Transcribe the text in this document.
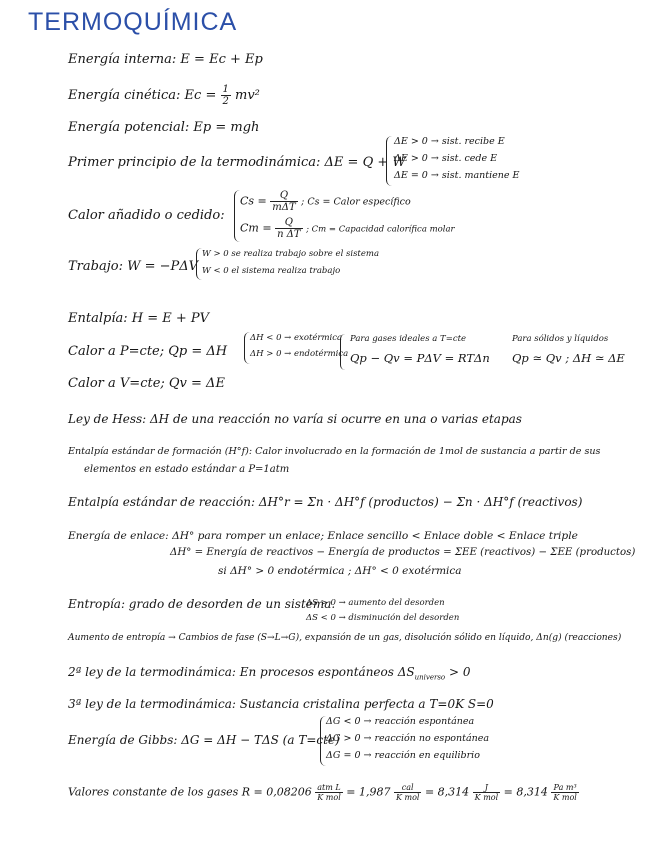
TERMOQUÍMICA
Energía interna: E = Ec + Ep
Energía cinética: $Ec = \frac{1}{2} mv^2$
Energía potencial: Ep = mgh
Primer principio de la termodinámica: ΔE = Q + W
ΔE > 0 → sist. recibe E
ΔE > 0 → sist. cede E
ΔE = 0 → sist. mantiene E
Calor añadido o cedido:
$Cs = \frac{Q}{\text{mΔT}}$ ; Cs = Calor específico
$Cm = \frac{Q}{\text{n ΔT}}$ ; Cm = Capacidad calorífica molar
Trabajo: W = −PΔV
W > 0 se realiza trabajo sobre el sistema
W < 0 el sistema realiza trabajo
Entalpía: H = E + PV
Calor a P=cte; Qp = ΔH
ΔH < 0 → exotérmica
ΔH > 0 → endotérmica
Para gases ideales a T=cte
Qp − Qv = PΔV = RTΔn
Para sólidos y líquidos
Qp ≃ Qv ; ΔH ≃ ΔE
Calor a V=cte; Qv = ΔE
Ley de Hess: ΔH de una reacción no varía si ocurre en una o varias etapas
Entalpía estándar de formación (H°f): Calor involucrado en la formación de 1mol de sustancia a partir de sus
elementos en estado estándar a P=1atm
Entalpía estándar de reacción: ΔH°r = Σn · ΔH°f (productos) − Σn · ΔH°f (reactivos)
Energía de enlace: ΔH° para romper un enlace; Enlace sencillo < Enlace doble < Enlace triple
ΔH° = Energía de reactivos − Energía de productos = ΣEE (reactivos) − ΣEE (productos)
si ΔH° > 0 endotérmica ; ΔH° < 0 exotérmica
Entropía: grado de desorden de un sistema.
ΔS > 0 → aumento del desorden
ΔS < 0 → disminución del desorden
Aumento de entropía → Cambios de fase (S→L→G), expansión de un gas, disolución sólido en líquido, Δn(g) (reacciones)
2ª ley de la termodinámica: En procesos espontáneos $\Delta S_{universo} > 0$
3ª ley de la termodinámica: Sustancia cristalina perfecta a T=0K S=0
Energía de Gibbs: ΔG = ΔH − TΔS (a T=cte)
ΔG < 0 → reacción espontánea
ΔG > 0 → reacción no espontánea
ΔG = 0 → reacción en equilibrio
Valores constante de los gases $R = 0,08206 \frac{\text{atm L}}{\text{K mol}} = 1,987 \frac{\text{cal}}{\text{K mol}} = 8,314 \frac{J}{\text{K mol}} = 8,314 \frac{\text{Pa m³}}{\text{K mol}}$
